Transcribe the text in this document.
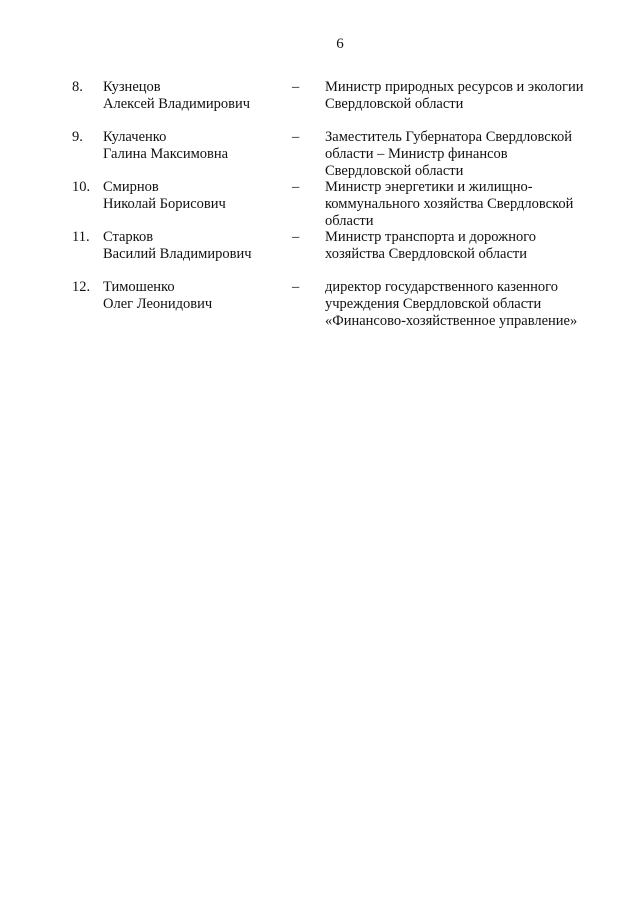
6
8. Кузнецов
Алексей Владимирович
– Министр природных ресурсов и экологии
Свердловской области
9. Кулаченко
Галина Максимовна
– Заместитель Губернатора Свердловской
области – Министр финансов
Свердловской области
10. Смирнов
Николай Борисович
– Министр энергетики и жилищно-
коммунального хозяйства Свердловской
области
11. Старков
Василий Владимирович
– Министр транспорта и дорожного
хозяйства Свердловской области
12. Тимошенко
Олег Леонидович
– директор государственного казенного
учреждения Свердловской области
«Финансово-хозяйственное управление»
